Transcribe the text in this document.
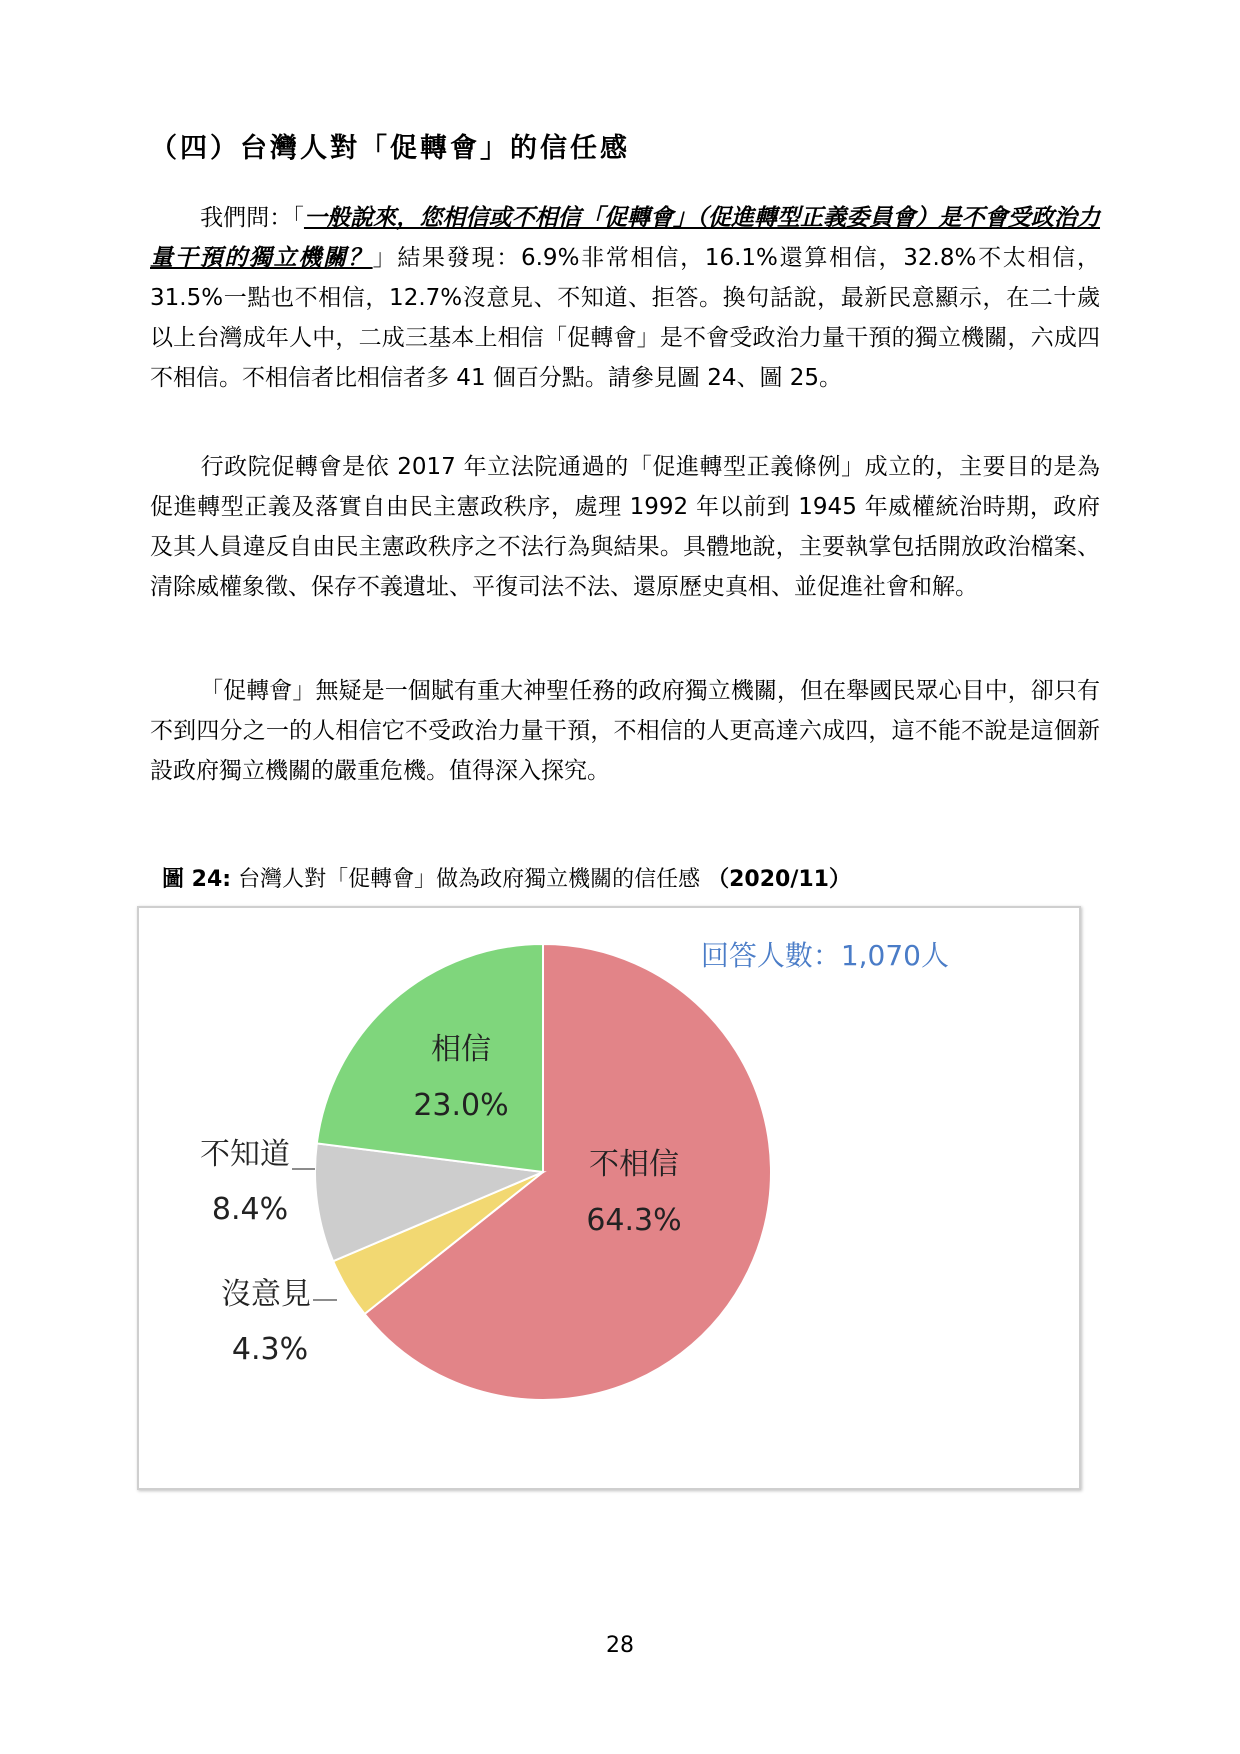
（四）台灣人對「促轉會」的信任感

我們問：「一般說來，您相信或不相信「促轉會」（促進轉型正義委員會）是不會受政治力量干預的獨立機關？」結果發現：6.9%非常相信，16.1%還算相信，32.8%不太相信，31.5%一點也不相信，12.7%沒意見、不知道、拒答。換句話說，最新民意顯示，在二十歲以上台灣成年人中，二成三基本上相信「促轉會」是不會受政治力量干預的獨立機關，六成四不相信。不相信者比相信者多 41 個百分點。請參見圖 24、圖 25。

行政院促轉會是依 2017 年立法院通過的「促進轉型正義條例」成立的，主要目的是為促進轉型正義及落實自由民主憲政秩序，處理 1992 年以前到 1945 年威權統治時期，政府及其人員違反自由民主憲政秩序之不法行為與結果。具體地說，主要執掌包括開放政治檔案、清除威權象徵、保存不義遺址、平復司法不法、還原歷史真相、並促進社會和解。

「促轉會」無疑是一個賦有重大神聖任務的政府獨立機關，但在舉國民眾心目中，卻只有不到四分之一的人相信它不受政治力量干預，不相信的人更高達六成四，這不能不說是這個新設政府獨立機關的嚴重危機。值得深入探究。

圖 24: 台灣人對「促轉會」做為政府獨立機關的信任感 （2020/11）

回答人數：1,070人
不相信
64.3%
沒意見
4.3%
不知道
8.4%
相信
23.0%
28
